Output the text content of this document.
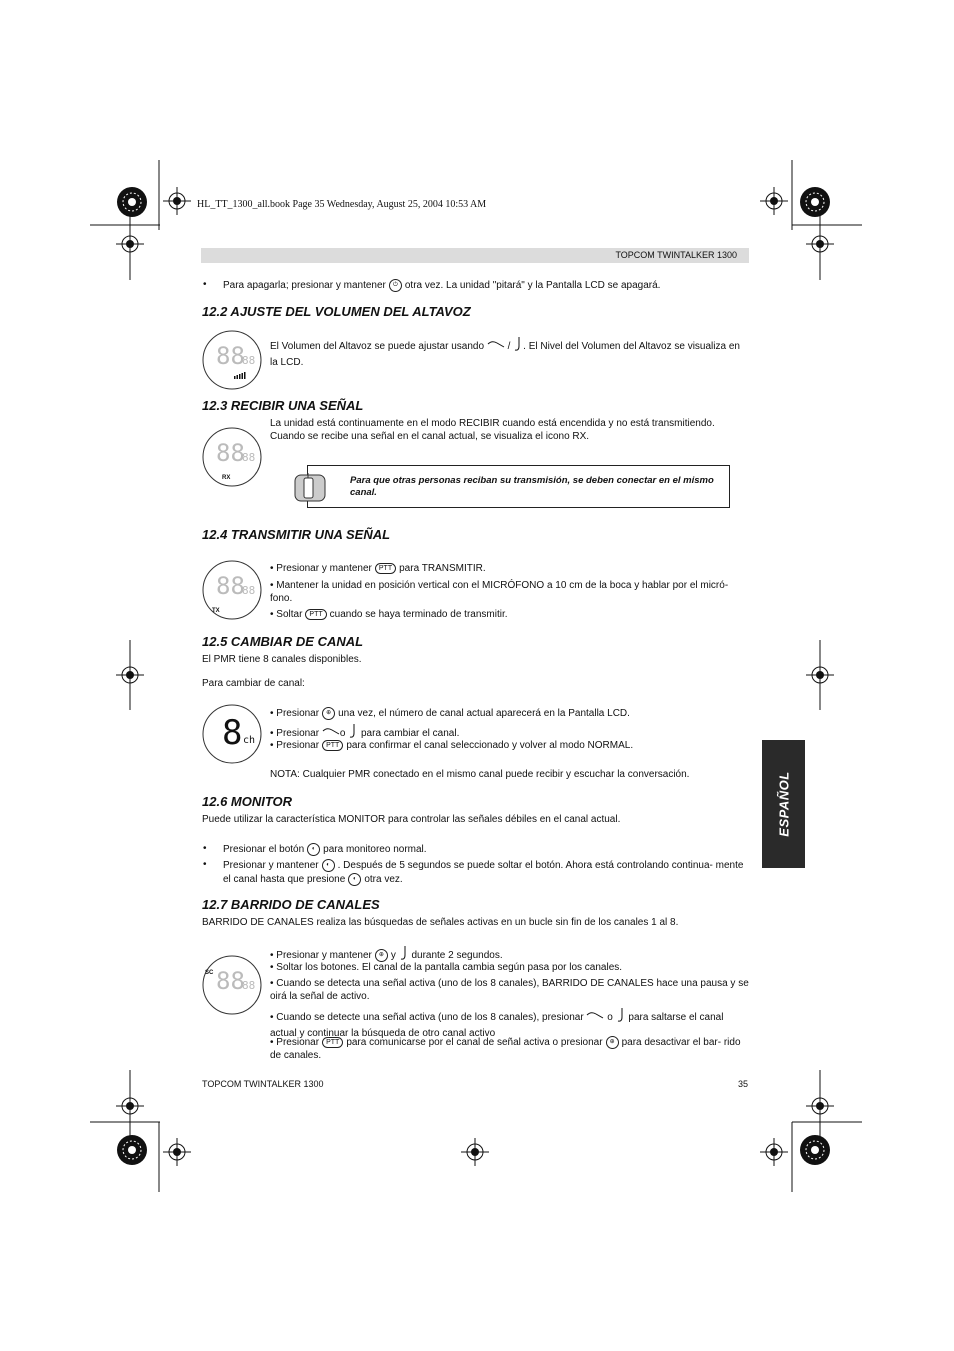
HL_TT_1300_all.book Page 35 Wednesday, August 25, 2004 10:53 AM
TOPCOM TWINTALKER 1300
ESPAÑOL
• Para apagarla; presionar y mantener ⏻ otra vez. La unidad "pitará" y la Pantalla LCD se apagará.
12.2 AJUSTE DEL VOLUMEN DEL ALTAVOZ
88
88
El Volumen del Altavoz se puede ajustar usando / . El Nivel del Volumen del Altavoz se visualiza en la LCD.
12.3 RECIBIR UNA SEÑAL
La unidad está continuamente en el modo RECIBIR cuando está encendida y no está transmitiendo. Cuando se recibe una señal en el canal actual, se visualiza el icono RX.
88
88
RX	Para que otras personas reciban su transmisión, se deben conectar en el mismo canal.
12.4 TRANSMITIR UNA SEÑAL
88
88
TX
• Presionar y mantener PTT para TRANSMITIR.
• Mantener la unidad en posición vertical con el MICRÓFONO a 10 cm de la boca y hablar por el micró- fono.
• Soltar PTT cuando se haya terminado de transmitir.
12.5 CAMBIAR DE CANAL
El PMR tiene 8 canales disponibles.
Para cambiar de canal:
8 ch
• Presionar ⊕ una vez, el número de canal actual aparecerá en la Pantalla LCD.
• Presionar o para cambiar el canal.
• Presionar PTT para confirmar el canal seleccionado y volver al modo NORMAL.
NOTA: Cualquier PMR conectado en el mismo canal puede recibir y escuchar la conversación.
12.6 MONITOR
Puede utilizar la característica MONITOR para controlar las señales débiles en el canal actual.
• Presionar el botón ◐ para monitoreo normal.
• Presionar y mantener ◐ . Después de 5 segundos se puede soltar el botón. Ahora está controlando continua- mente el canal hasta que presione ◐ otra vez.
12.7 BARRIDO DE CANALES
BARRIDO DE CANALES realiza las búsquedas de señales activas en un bucle sin fin de los canales 1 al 8.
88
88
SC
• Presionar y mantener ⊕ y durante 2 segundos.
• Soltar los botones. El canal de la pantalla cambia según pasa por los canales.
• Cuando se detecta una señal activa (uno de los 8 canales), BARRIDO DE CANALES hace una pausa y se oirá la señal de activo.
• Cuando se detecte una señal activa (uno de los 8 canales), presionar o para saltarse el canal actual y continuar la búsqueda de otro canal activo
• Presionar PTT para comunicarse por el canal de señal activa o presionar ⊕ para desactivar el bar- rido de canales.
TOPCOM TWINTALKER 1300	35
